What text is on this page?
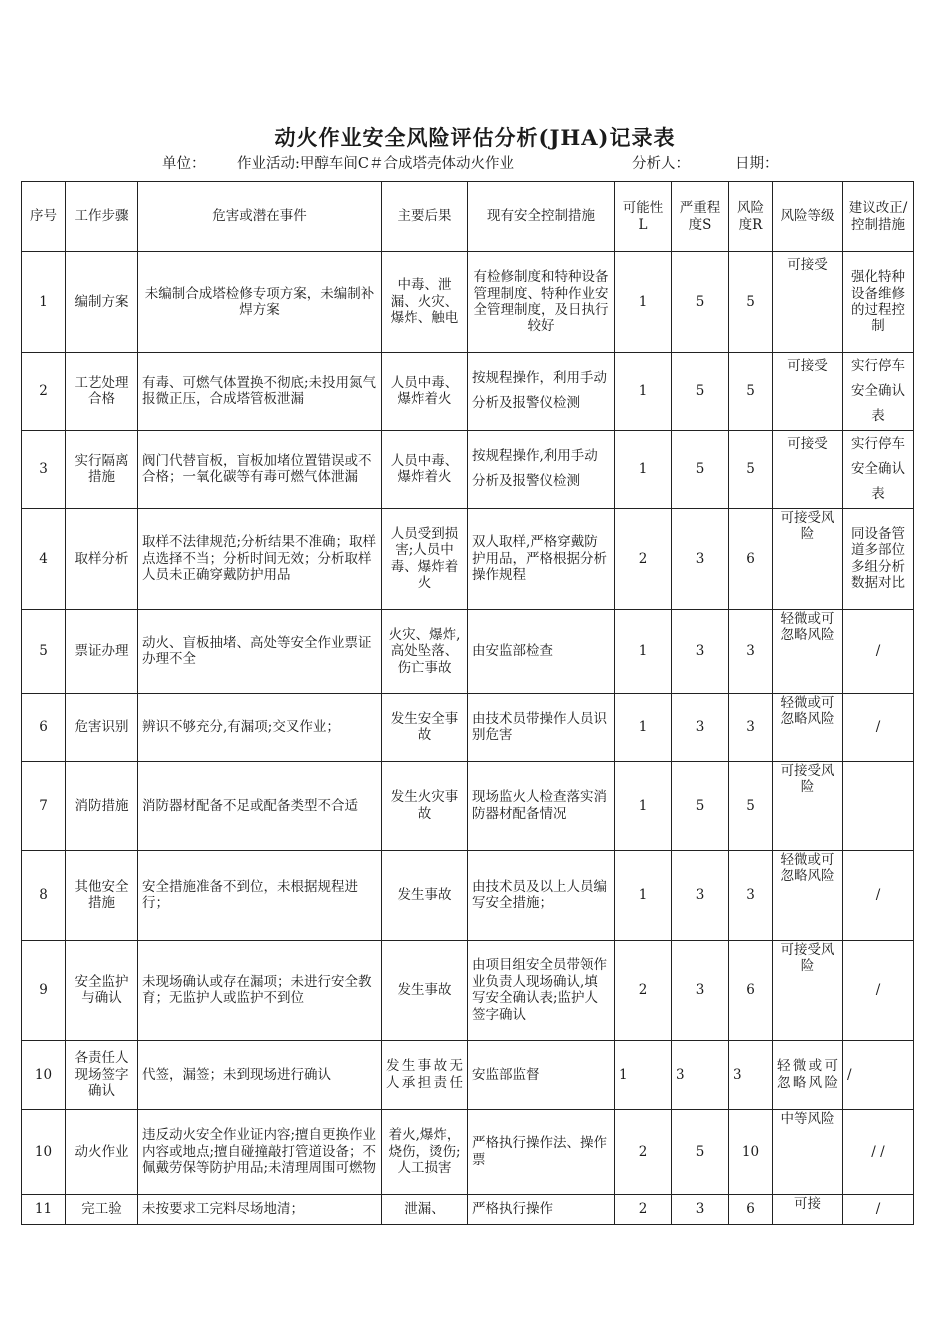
动火作业安全风险评估分析(JHA)记录表
单位： 作业活动:甲醇车间C＃合成塔壳体动火作业	分析人：	日期：
序号	工作步骤	危害或潜在事件	主要后果	现有安全控制措施	可能性L	严重程度S	风险度R	风险等级	建议改正/控制措施
1	编制方案	未编制合成塔检修专项方案，未编制补焊方案	中毒、泄漏、火灾、爆炸、触电	有检修制度和特种设备管理制度、特种作业安全管理制度，及日执行较好	1	5	5	可接受	强化特种设备维修的过程控制
2	工艺处理合格	有毒、可燃气体置换不彻底;未投用氮气报微正压，合成塔管板泄漏	人员中毒、爆炸着火	按规程操作，利用手动分析及报警仪检测	1	5	5	可接受	实行停车安全确认表
3	实行隔离措施	阀门代替盲板，盲板加堵位置错误或不合格；一氧化碳等有毒可燃气体泄漏	人员中毒、爆炸着火	按规程操作,利用手动分析及报警仪检测	1	5	5	可接受	实行停车安全确认表
4	取样分析	取样不法律规范;分析结果不准确；取样点选择不当；分析时间无效；分析取样人员未正确穿戴防护用品	人员受到损害;人员中毒、爆炸着火	双人取样,严格穿戴防护用品，严格根据分析操作规程	2	3	6	可接受风险	同设备管道多部位多组分析数据对比
5	票证办理	动火、盲板抽堵、高处等安全作业票证办理不全	火灾、爆炸,高处坠落、伤亡事故	由安监部检查	1	3	3	轻微或可忽略风险	/
6	危害识别	辨识不够充分,有漏项;交叉作业；	发生安全事故	由技术员带操作人员识别危害	1	3	3	轻微或可忽略风险	/
7	消防措施	消防器材配备不足或配备类型不合适	发生火灾事故	现场监火人检查落实消防器材配备情况	1	5	5	可接受风险	
8	其他安全措施	安全措施准备不到位，未根据规程进行；	发生事故	由技术员及以上人员编写安全措施；	1	3	3	轻微或可忽略风险	/
9	安全监护与确认	未现场确认或存在漏项；未进行安全教育；无监护人或监护不到位	发生事故	由项目组安全员带领作业负责人现场确认,填写安全确认表;监护人签字确认	2	3	6	可接受风险	/
10	各责任人现场签字确认	代签，漏签；未到现场进行确认	发生事故无人承担责任	安监部监督	1	3	3	轻微或可忽略风险	/
10	动火作业	违反动火安全作业证内容;擅自更换作业内容或地点;擅自碰撞敲打管道设备；不佩戴劳保等防护用品;未清理周围可燃物	着火,爆炸，烧伤，烫伤;人工损害	严格执行操作法、操作票	2	5	10	中等风险	/ /
11	完工验	未按要求工完料尽场地清；	泄漏、	严格执行操作	2	3	6	可接	/
